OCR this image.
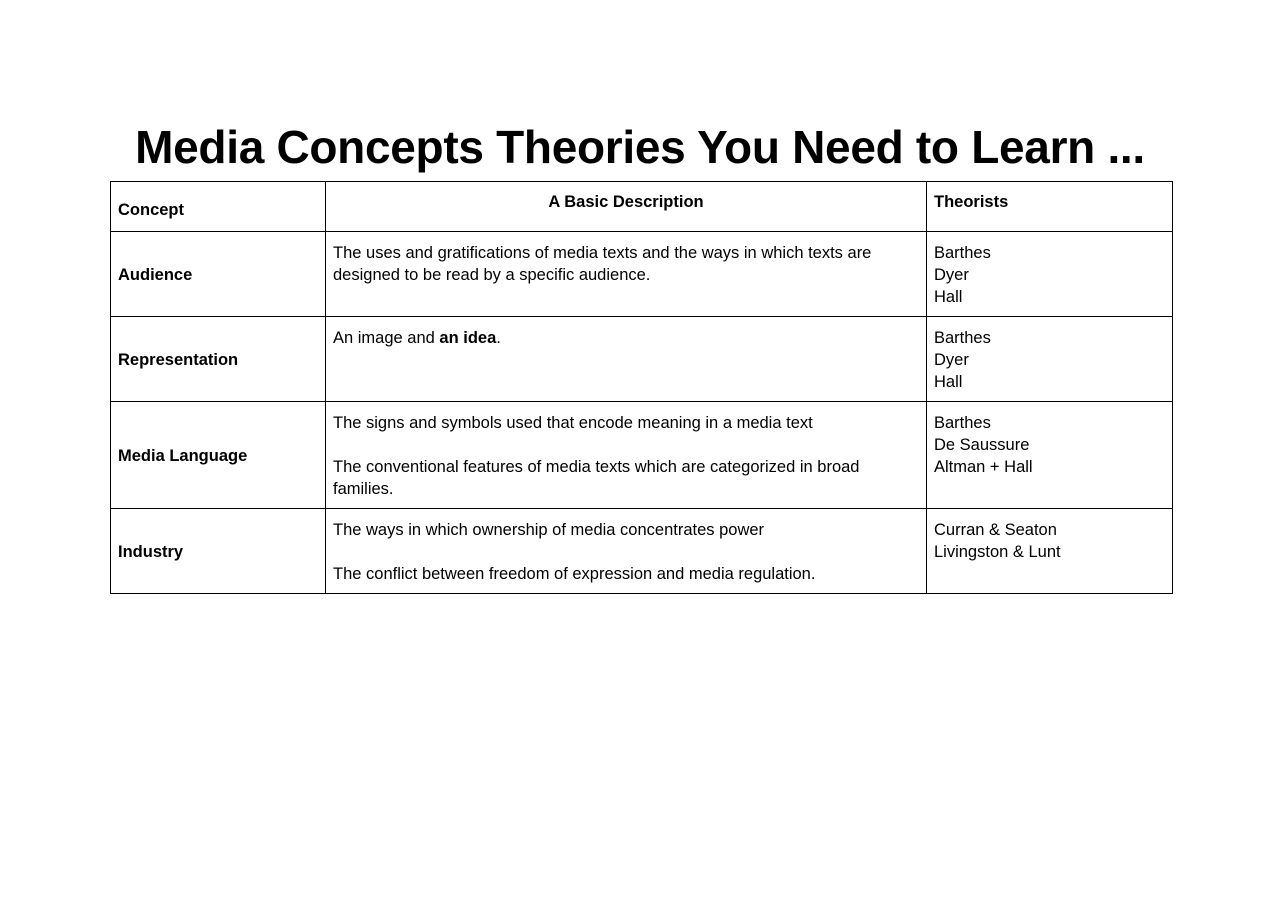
Media Concepts Theories You Need to Learn ...
Concept	A Basic Description	Theorists
Audience	The uses and gratifications of media texts and the ways in which texts are designed to be read by a specific audience.	Barthes
Dyer
Hall

Representation	An image and an idea.	Barthes
Dyer
Hall

Media Language	The signs and symbols used that encode meaning in a media text
The conventional features of media texts which are categorized in broad families.	Barthes
De Saussure
Altman + Hall

Industry	The ways in which ownership of media concentrates power
The conflict between freedom of expression and media regulation.	Curran & Seaton
Livingston & Lunt
